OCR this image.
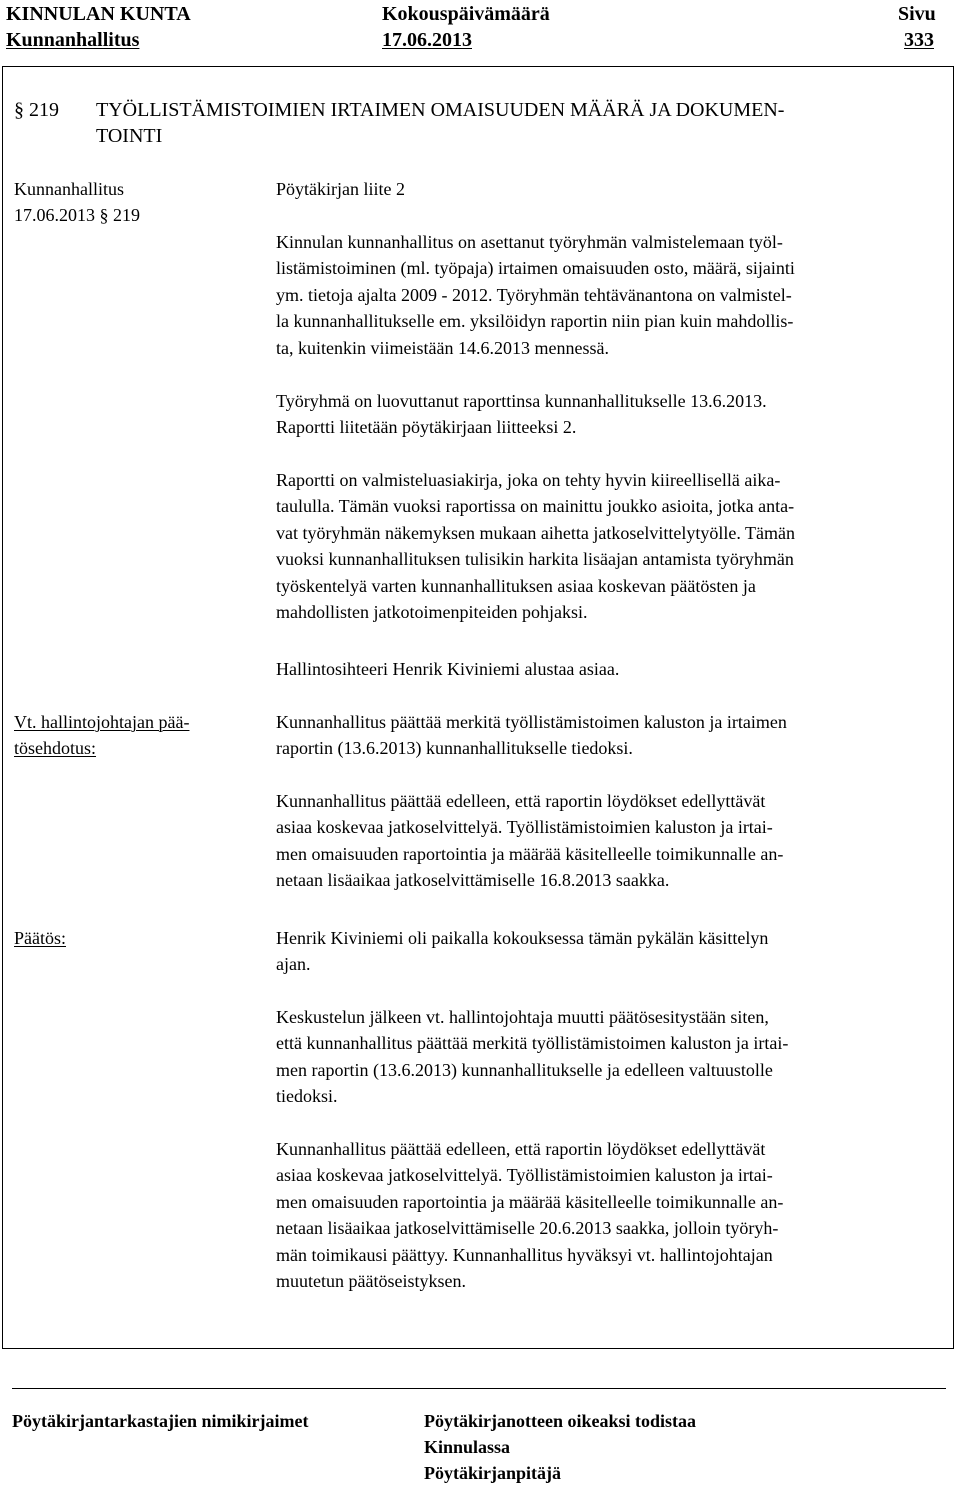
KINNULAN KUNTA
Kunnanhallitus
Kokouspäivämäärä
17.06.2013
Sivu
333
§ 219 TYÖLLISTÄMISTOIMIEN IRTAIMEN OMAISUUDEN MÄÄRÄ JA DOKUMEN-
TOINTI
Kunnanhallitus
17.06.2013 § 219
Vt. hallintojohtajan pää-
tösehdotus:
Päätös:
Pöytäkirjan liite 2
Kinnulan kunnanhallitus on asettanut työryhmän valmistelemaan työl-
listämistoiminen (ml. työpaja) irtaimen omaisuuden osto, määrä, sijainti
ym. tietoja ajalta 2009 - 2012. Työryhmän tehtävänantona on valmistel-
la kunnanhallitukselle em. yksilöidyn raportin niin pian kuin mahdollis-
ta, kuitenkin viimeistään 14.6.2013 mennessä.
Työryhmä on luovuttanut raporttinsa kunnanhallitukselle 13.6.2013.
Raportti liitetään pöytäkirjaan liitteeksi 2.
Raportti on valmisteluasiakirja, joka on tehty hyvin kiireellisellä aika-
taululla. Tämän vuoksi raportissa on mainittu joukko asioita, jotka anta-
vat työryhmän näkemyksen mukaan aihetta jatkoselvittelytyölle. Tämän
vuoksi kunnanhallituksen tulisikin harkita lisäajan antamista työryhmän
työskentelyä varten kunnanhallituksen asiaa koskevan päätösten ja
mahdollisten jatkotoimenpiteiden pohjaksi.
Hallintosihteeri Henrik Kiviniemi alustaa asiaa.
Kunnanhallitus päättää merkitä työllistämistoimen kaluston ja irtaimen
raportin (13.6.2013) kunnanhallitukselle tiedoksi.
Kunnanhallitus päättää edelleen, että raportin löydökset edellyttävät
asiaa koskevaa jatkoselvittelyä. Työllistämistoimien kaluston ja irtai-
men omaisuuden raportointia ja määrää käsitelleelle toimikunnalle an-
netaan lisäaikaa jatkoselvittämiselle 16.8.2013 saakka.
Henrik Kiviniemi oli paikalla kokouksessa tämän pykälän käsittelyn
ajan.
Keskustelun jälkeen vt. hallintojohtaja muutti päätösesitystään siten,
että kunnanhallitus päättää merkitä työllistämistoimen kaluston ja irtai-
men raportin (13.6.2013) kunnanhallitukselle ja edelleen valtuustolle
tiedoksi.
Kunnanhallitus päättää edelleen, että raportin löydökset edellyttävät
asiaa koskevaa jatkoselvittelyä. Työllistämistoimien kaluston ja irtai-
men omaisuuden raportointia ja määrää käsitelleelle toimikunnalle an-
netaan lisäaikaa jatkoselvittämiselle 20.6.2013 saakka, jolloin työryh-
män toimikausi päättyy. Kunnanhallitus hyväksyi vt. hallintojohtajan
muutetun päätöseistyksen.
Pöytäkirjantarkastajien nimikirjaimet	Pöytäkirjanotteen oikeaksi todistaa
Kinnulassa
Pöytäkirjanpitäjä
